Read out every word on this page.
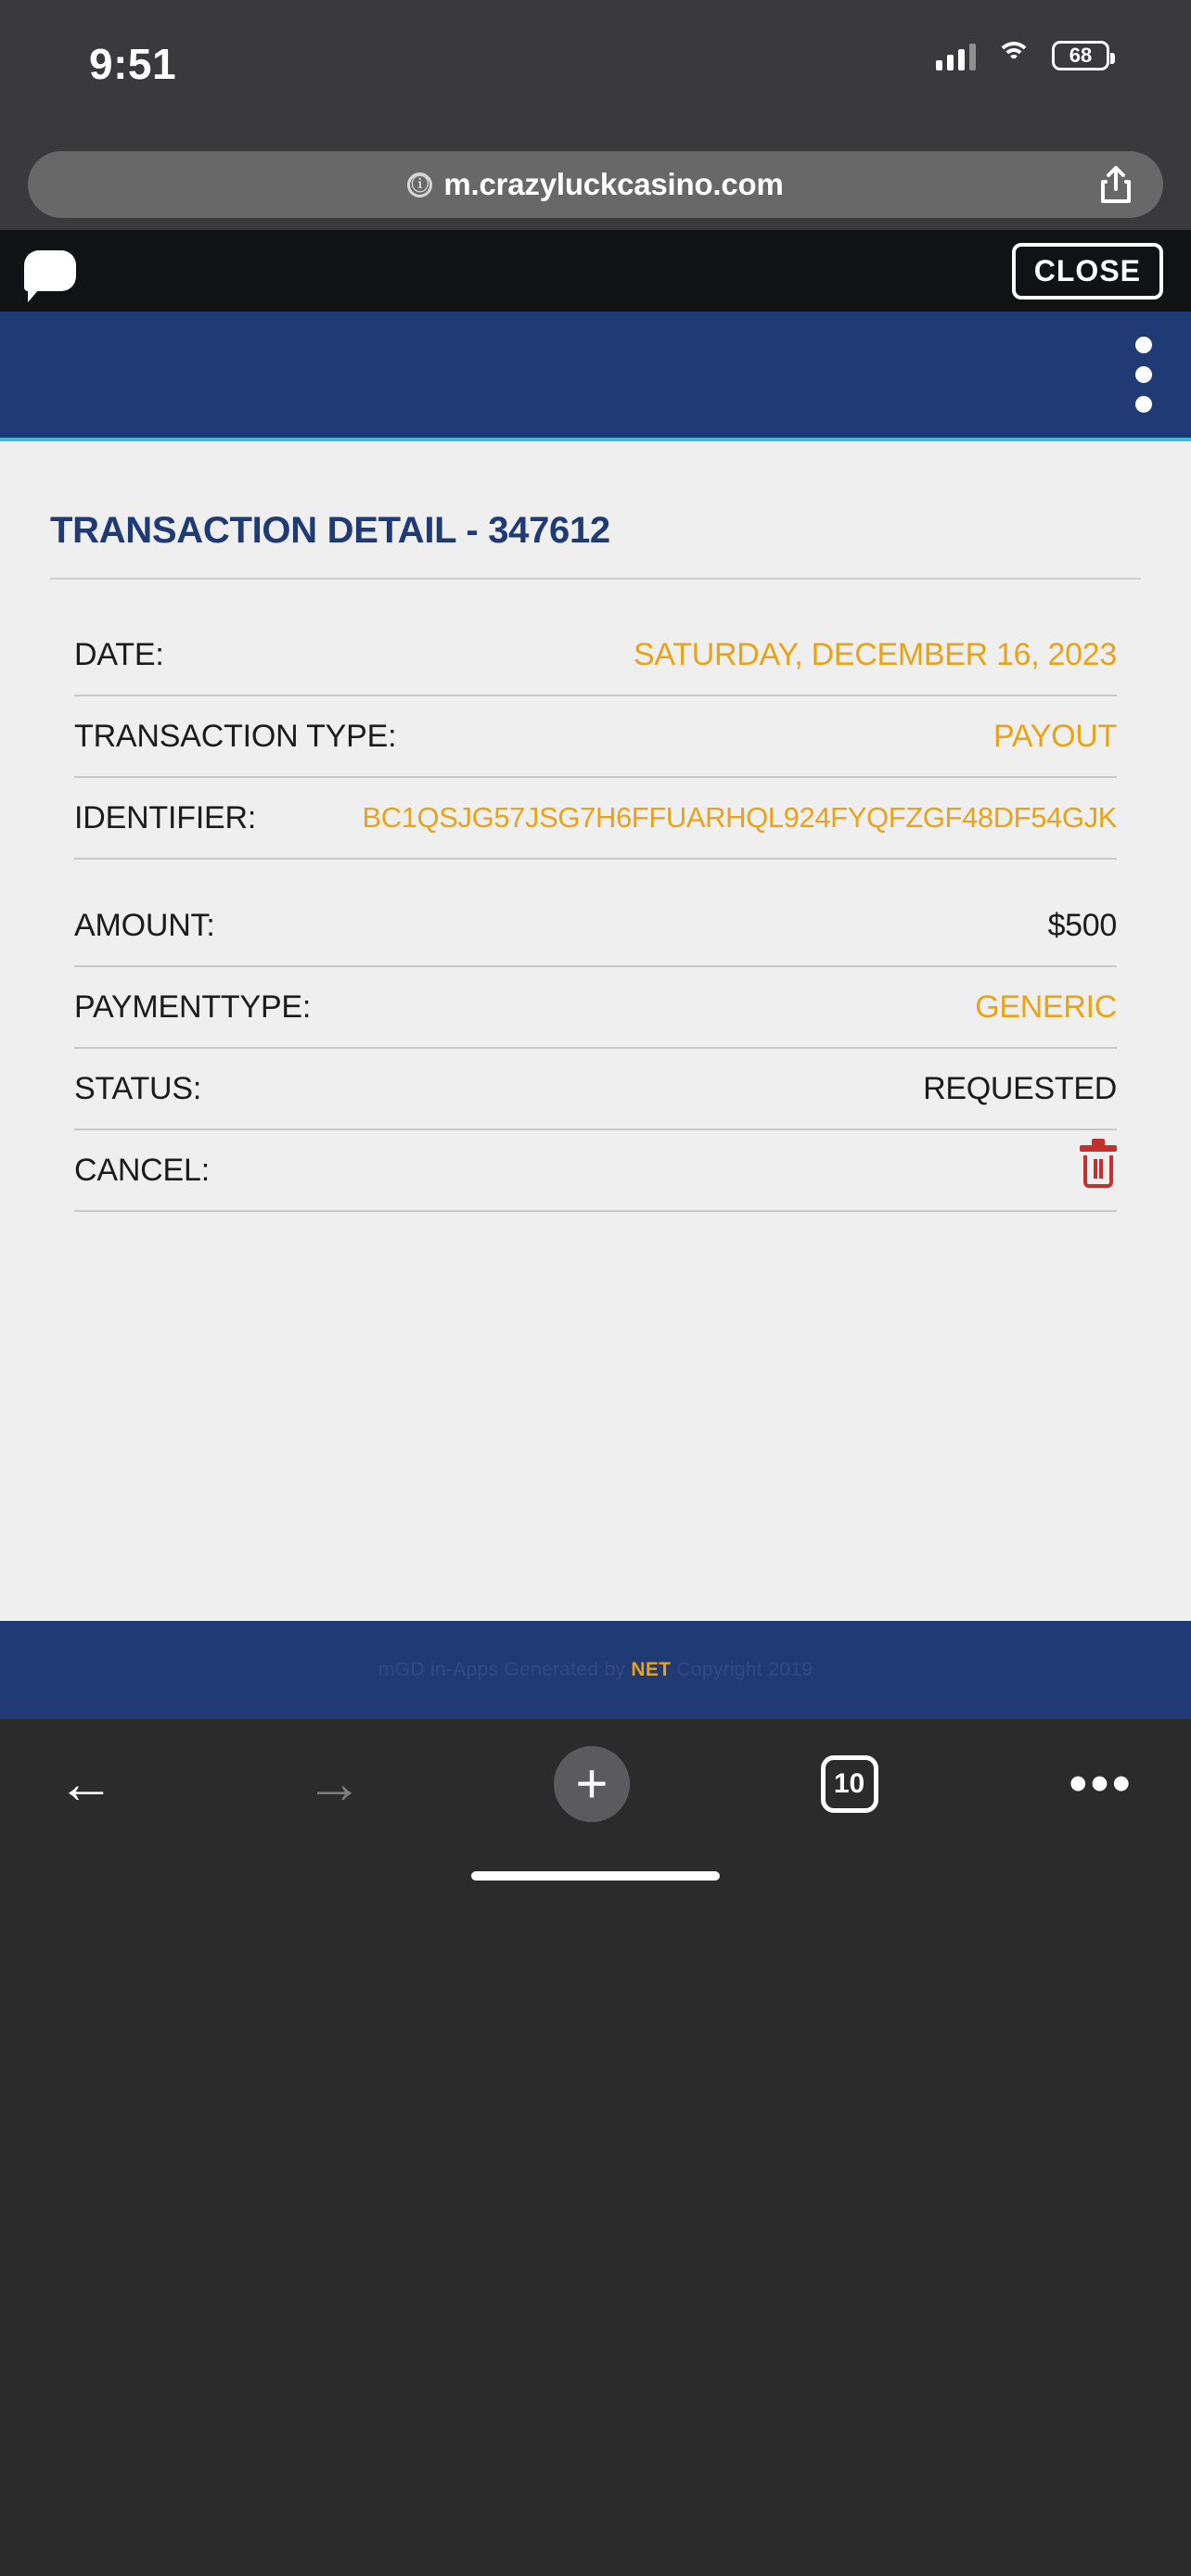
9:51	68
ⓘ m.crazyluckcasino.com
CLOSE
TRANSACTION DETAIL - 347612
DATE:	SATURDAY, DECEMBER 16, 2023
TRANSACTION TYPE:	PAYOUT
IDENTIFIER:	BC1QSJG57JSG7H6FFUARHQL924FYQFZGF48DF54GJK
AMOUNT:	$500
PAYMENTTYPE:	GENERIC
STATUS:	REQUESTED
CANCEL:
mGD in-Apps Generated by NET Copyright 2019
←	→	+	10	•••
